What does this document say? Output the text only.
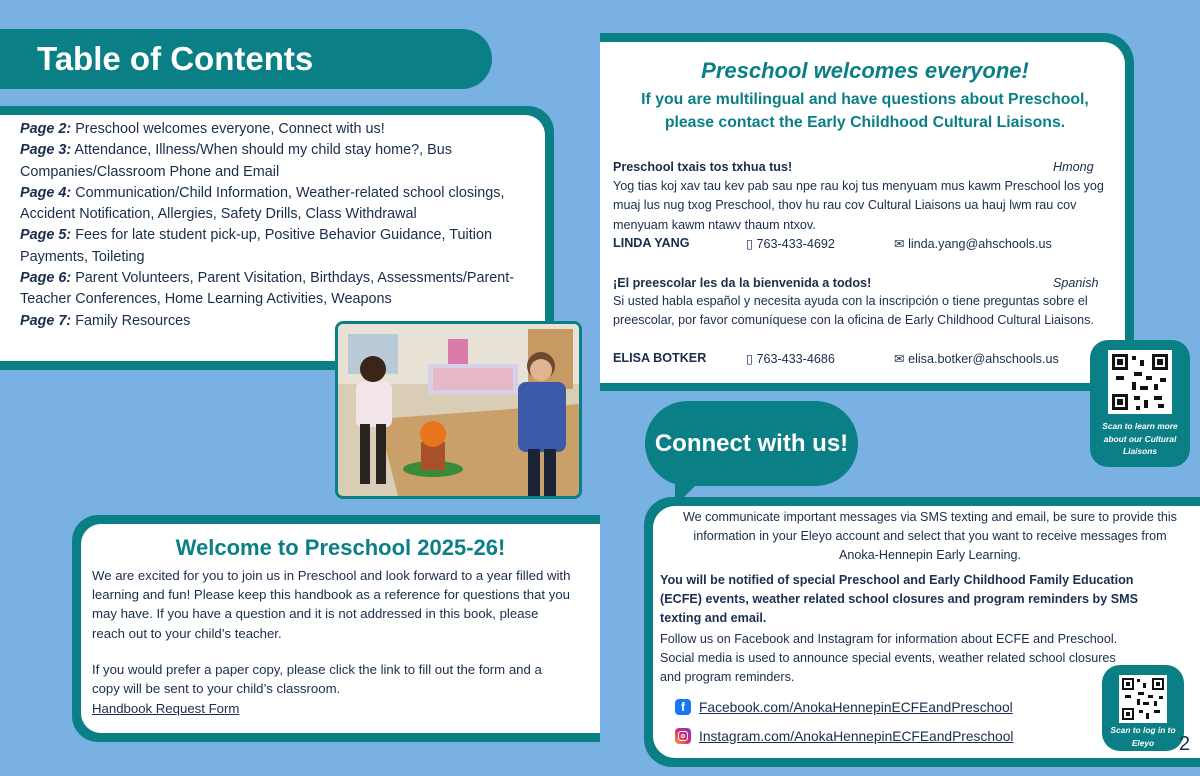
Table of Contents
Page 2: Preschool welcomes everyone, Connect with us!
Page 3: Attendance, Illness/When should my child stay home?, Bus Companies/Classroom Phone and Email
Page 4: Communication/Child Information, Weather-related school closings, Accident Notification, Allergies, Safety Drills, Class Withdrawal
Page 5: Fees for late student pick-up, Positive Behavior Guidance, Tuition Payments, Toileting
Page 6: Parent Volunteers, Parent Visitation, Birthdays, Assessments/Parent-Teacher Conferences, Home Learning Activities, Weapons
Page 7: Family Resources
Welcome to Preschool 2025-26!
We are excited for you to join us in Preschool and look forward to a year filled with learning and fun! Please keep this handbook as a reference for questions that you may have. If you have a question and it is not addressed in this book, please reach out to your child’s teacher.
If you would prefer a paper copy, please click the link to fill out the form and a copy will be sent to your child’s classroom.
Handbook Request Form
Preschool welcomes everyone!
If you are multilingual and have questions about Preschool,
please contact the Early Childhood Cultural Liaisons.
Preschool txais tos txhua tus!	Hmong
Yog tias koj xav tau kev pab sau npe rau koj tus menyuam mus kawm Preschool los yog muaj lus nug txog Preschool, thov hu rau cov Cultural Liaisons ua hauj lwm rau cov menyuam kawm ntawv thaum ntxov.
LINDA YANG	▯ 763-433-4692	✉ linda.yang@ahschools.us
¡El preescolar les da la bienvenida a todos!	Spanish
Si usted habla español y necesita ayuda con la inscripción o tiene preguntas sobre el preescolar, por favor comuníquese con la oficina de Early Childhood Cultural Liaisons.
ELISA BOTKER	▯ 763-433-4686	✉ elisa.botker@ahschools.us
Scan to learn more about our Cultural Liaisons
Connect with us!
We communicate important messages via SMS texting and email, be sure to provide this information in your Eleyo account and select that you want to receive messages from Anoka-Hennepin Early Learning.
You will be notified of special Preschool and Early Childhood Family Education (ECFE) events, weather related school closures and program reminders by SMS texting and email.
Follow us on Facebook and Instagram for information about ECFE and Preschool. Social media is used to announce special events, weather related school closures and program reminders.
f	Facebook.com/AnokaHennepinECFEandPreschool
Instagram.com/AnokaHennepinECFEandPreschool	Scan to log in to Eleyo	2
